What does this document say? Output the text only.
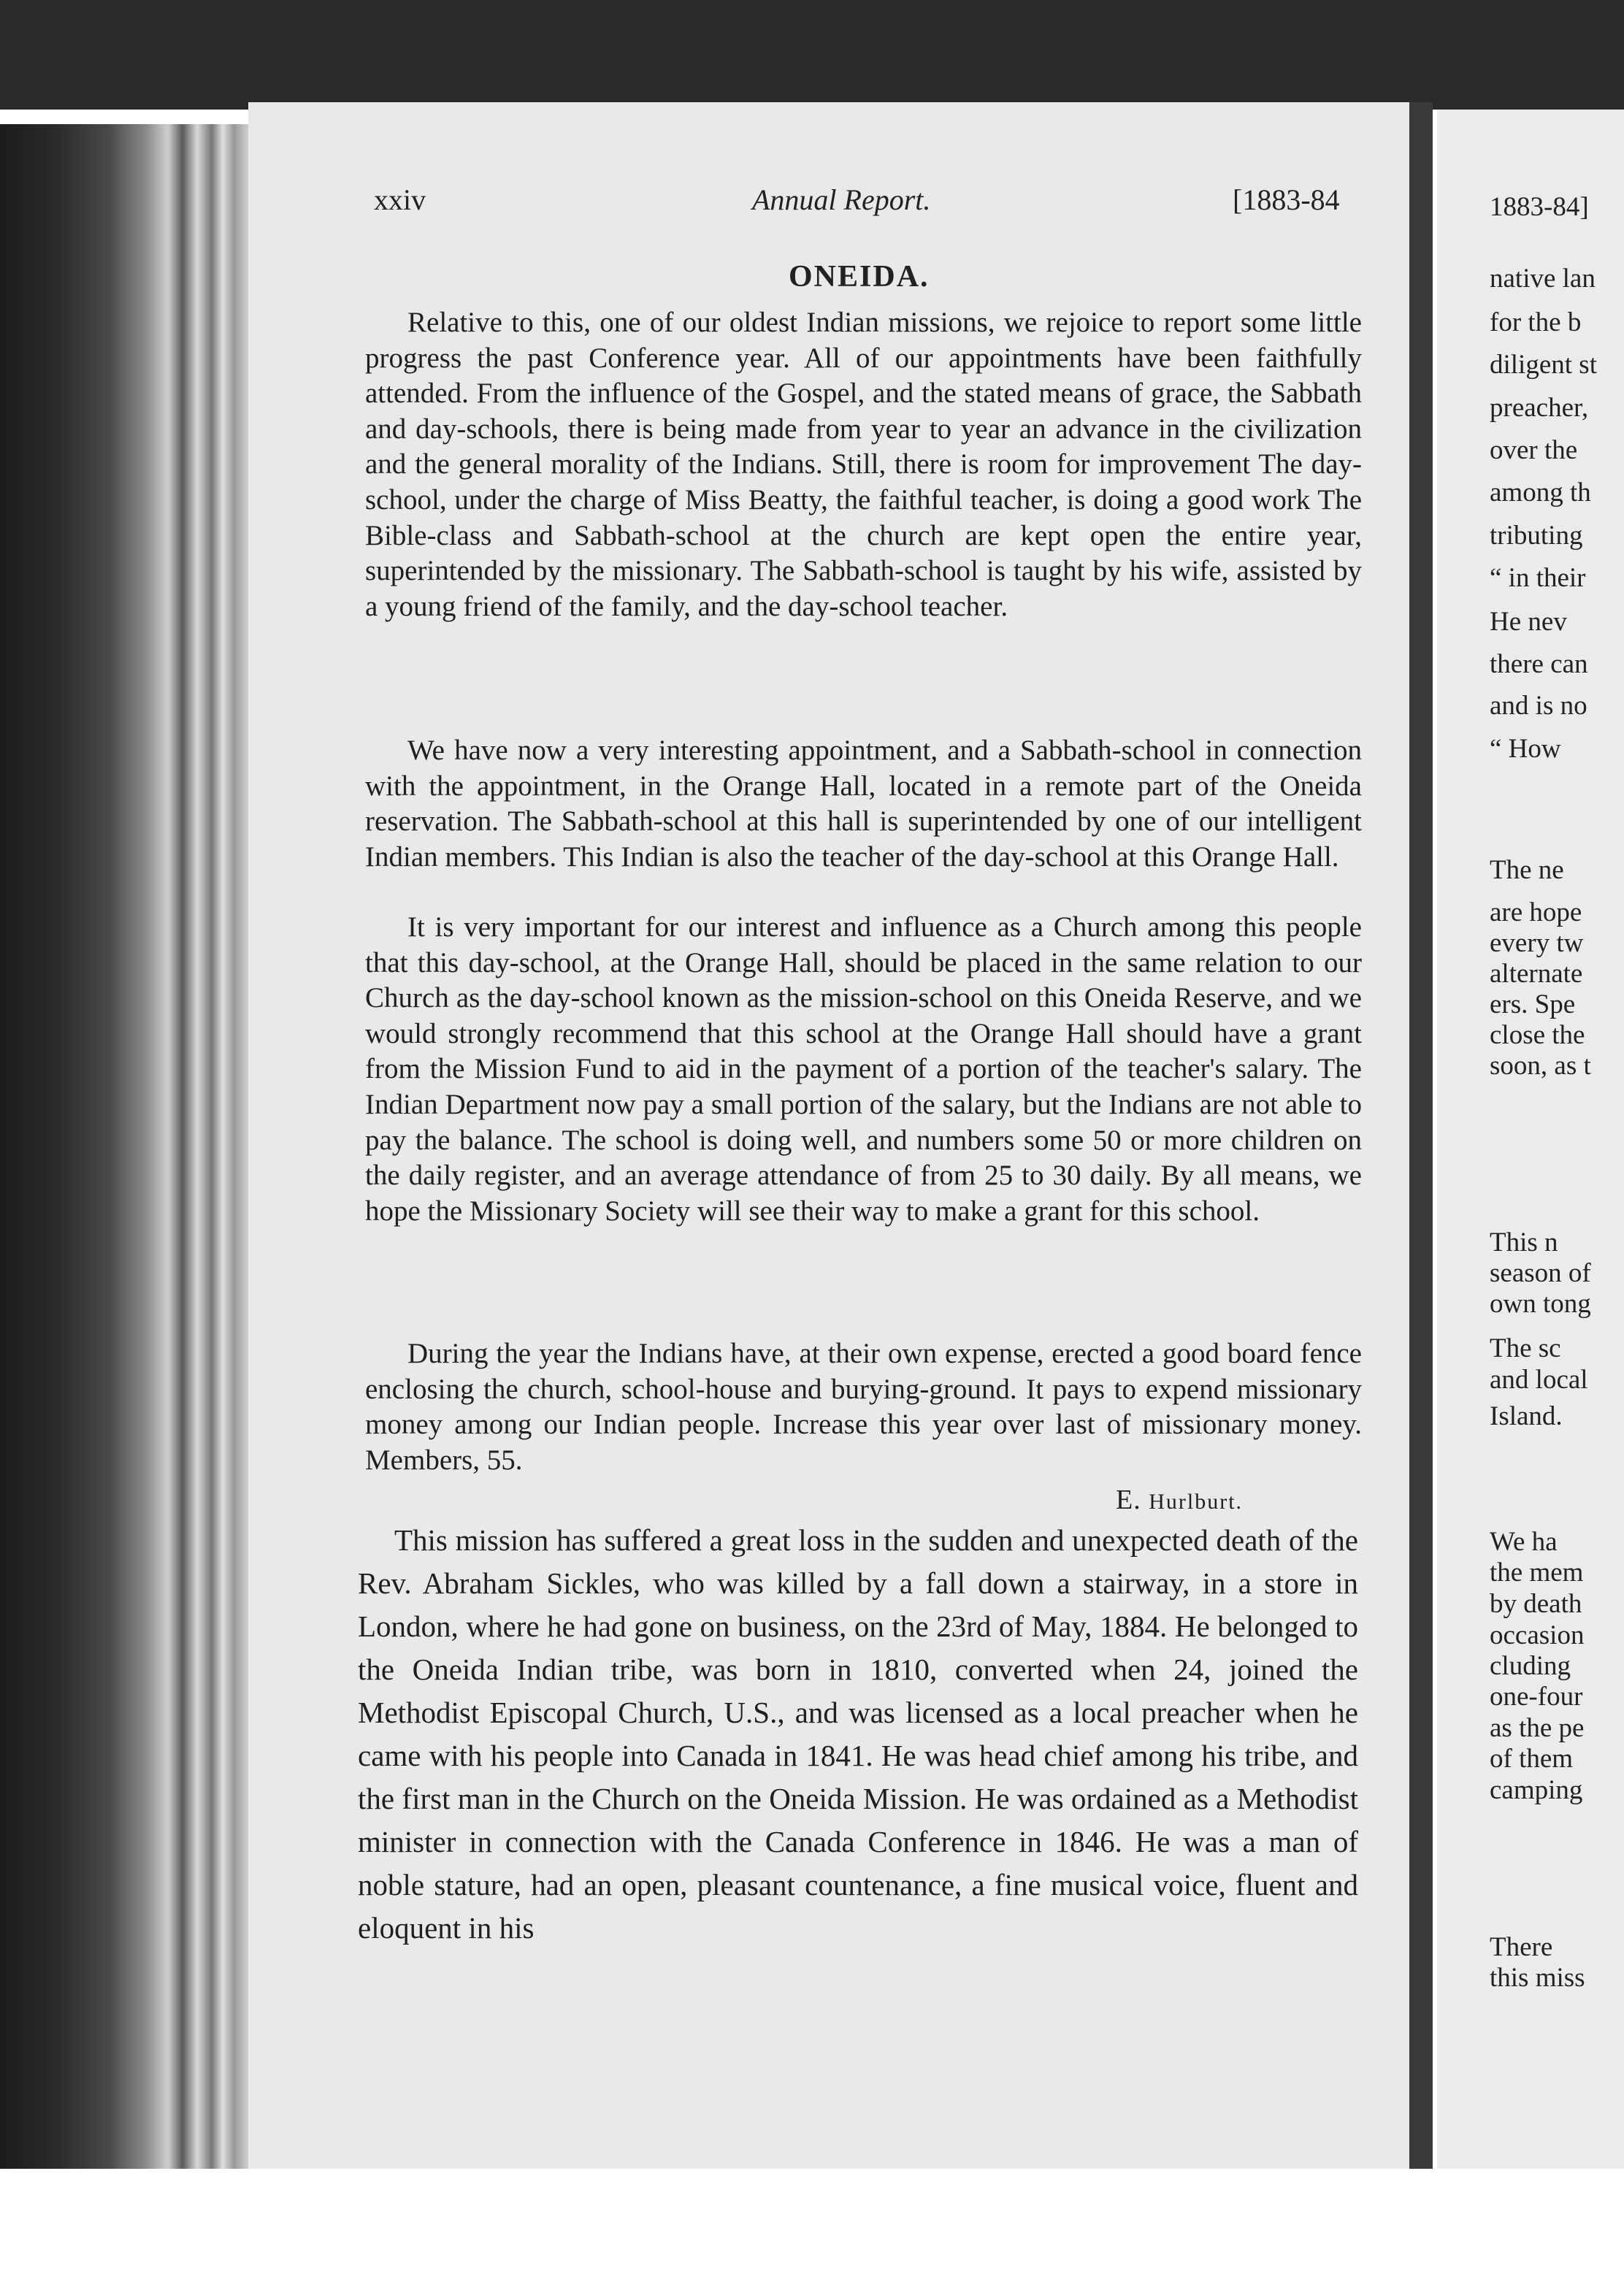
xxiv	Annual Report.	[1883-84
ONEIDA.

Relative to this, one of our oldest Indian missions, we rejoice to report some little progress the past Conference year. All of our appointments have been faithfully attended. From the influence of the Gospel, and the stated means of grace, the Sabbath and day-schools, there is being made from year to year an advance in the civilization and the general morality of the Indians. Still, there is room for improvement The day-school, under the charge of Miss Beatty, the faithful teacher, is doing a good work The Bible-class and Sabbath-school at the church are kept open the entire year, superintended by the missionary. The Sabbath-school is taught by his wife, assisted by a young friend of the family, and the day-school teacher.

We have now a very interesting appointment, and a Sabbath-school in connection with the appointment, in the Orange Hall, located in a remote part of the Oneida reservation. The Sabbath-school at this hall is superintended by one of our intelligent Indian members. This Indian is also the teacher of the day-school at this Orange Hall.

It is very important for our interest and influence as a Church among this people that this day-school, at the Orange Hall, should be placed in the same relation to our Church as the day-school known as the mission-school on this Oneida Reserve, and we would strongly recommend that this school at the Orange Hall should have a grant from the Mission Fund to aid in the payment of a portion of the teacher's salary. The Indian Department now pay a small portion of the salary, but the Indians are not able to pay the balance. The school is doing well, and numbers some 50 or more children on the daily register, and an average attendance of from 25 to 30 daily. By all means, we hope the Missionary Society will see their way to make a grant for this school.

During the year the Indians have, at their own expense, erected a good board fence enclosing the church, school-house and burying-ground. It pays to expend missionary money among our Indian people. Increase this year over last of missionary money. Members, 55.

E. Hurlburt.

This mission has suffered a great loss in the sudden and unexpected death of the Rev. Abraham Sickles, who was killed by a fall down a stairway, in a store in London, where he had gone on business, on the 23rd of May, 1884. He belonged to the Oneida Indian tribe, was born in 1810, converted when 24, joined the Methodist Episcopal Church, U.S., and was licensed as a local preacher when he came with his people into Canada in 1841. He was head chief among his tribe, and the first man in the Church on the Oneida Mission. He was ordained as a Methodist minister in connection with the Canada Conference in 1846. He was a man of noble stature, had an open, pleasant countenance, a fine musical voice, fluent and eloquent in his

1883-84]
native lan
for the b
diligent st
preacher,
over the
among th
tributing
“ in their
He nev
there can
and is no
“ How
The ne
are hope
every tw
alternate
ers. Spe
close the
soon, as t
This n
season of
own tong
The sc
and local
Island.
We ha
the mem
by death
occasion
cluding
one-four
as the pe
of them
camping
There
this miss
